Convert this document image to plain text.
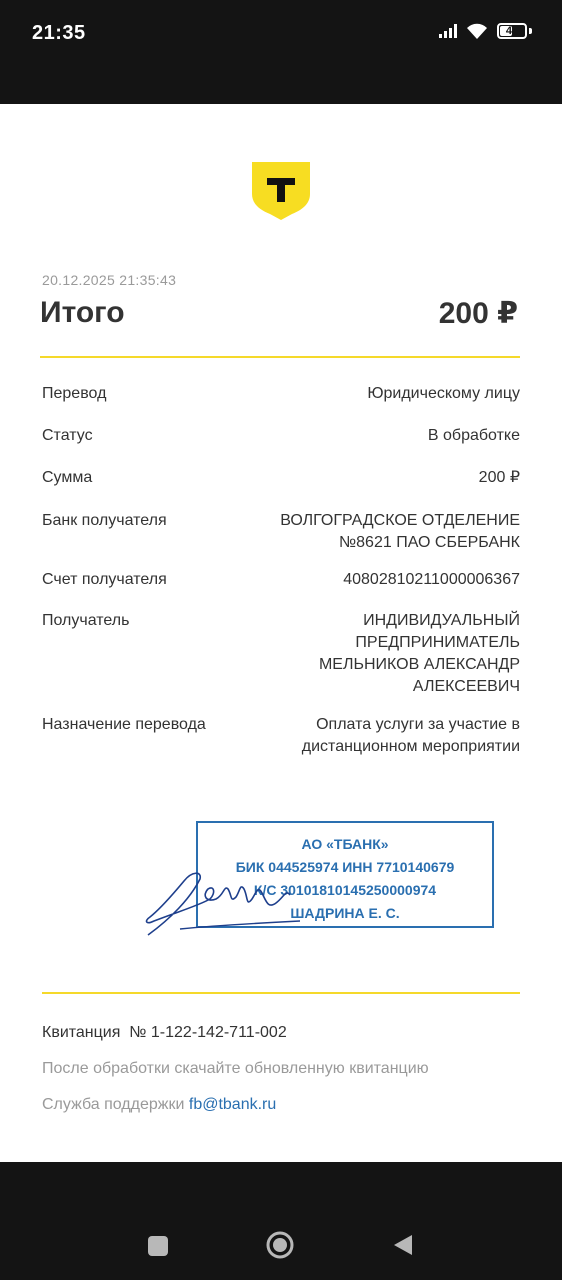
21:35	46
20.12.2025 21:35:43
Итого	200 ₽
Перевод	Юридическому лицу
Статус	В обработке
Сумма	200 ₽
Банк получателя	ВОЛГОГРАДСКОЕ ОТДЕЛЕНИЕ
№8621 ПАО СБЕРБАНК
Счет получателя	40802810211000006367
Получатель	ИНДИВИДУАЛЬНЫЙ
ПРЕДПРИНИМАТЕЛЬ
МЕЛЬНИКОВ АЛЕКСАНДР
АЛЕКСЕЕВИЧ
Назначение перевода	Оплата услуги за участие в
дистанционном мероприятии
АО «ТБАНК»
БИК 044525974 ИНН 7710140679
К/С 30101810145250000974
ШАДРИНА Е. С.
Квитанция № 1-122-142-711-002
После обработки скачайте обновленную квитанцию
Служба поддержки fb@tbank.ru
